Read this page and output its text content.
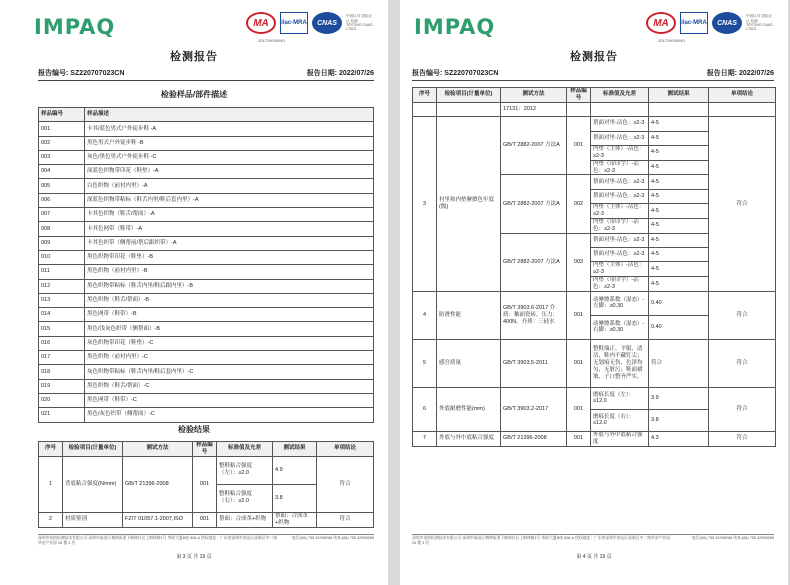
IMPAQ	MA	ilac-MRA	CNAS
中国认可 国际互认 检测 TESTING CNAS L7523
201719000040
检测报告
报告编号: SZ220707023CN	报告日期: 2022/07/26
检验样品/部件描述
样品编号	样品描述
001	卡其/蓝色男式户外徒步鞋 -A
002	黑色男式户外徒步鞋 -B
003	灰色/黑色男式户外徒步鞋 -C
004	深蓝色织物带印花（鞋垫）-A
005	白色织物（前衬内里）-A
006	深蓝色织物带粘标（鞋舌内里/鞋后套内里）-A
007	卡其色织物（鞋舌/帮面）-A
008	卡其色网带（鞋带）-A
009	卡其色织带（侧帮前/帮后跟织带）-A
010	黑色织物带印花（鞋垫）-B
011	黑色织物（前衬内里）-B
012	黑色织物带粘标（鞋舌内里/鞋后跟内里）-B
013	黑色织物（鞋舌/帮面）-B
014	黑色网带（鞋带）-B
015	黑色/浅灰色织带（侧帮面）-B
016	灰色织物带印花（鞋垫）-C
017	黑色织物（前衬内里）-C
018	灰色织物带粘标（鞋舌内里/鞋后套内里）-C
019	黑色织物（鞋舌/帮面）-C
020	黑色网带（鞋带）-C
021	黑色/灰色织带（侧帮面）-C
检验结果
序号	检验项目(计量单位)	测试方法	样品编号	标准值及允差	测试结果	单项结论
1	背底粘合强度(N/mm)	GB/T 21396-2008	001	整鞋粘合强度（左）：≥2.0	4.9	符合
				整鞋粘合强度（右）：≥2.0	3.8	
2	材质鉴别	FZ/T 01057.1-2007,ISO	001	帮面：合成革+织物	帮面：合成革+织物	符合
深圳市英柏检测技术有限公司 深圳市福田区梅林街道下梅林社区上梅林路1号 华联大厦B座 806-A 授权地址：广东省深圳市南山区高新区中二路华安产业园 26 楼 3 层
电话:(86) 755 32998288 传真:(86) 755 32998289
第 3 页 共 15 页
IMPAQ	MA	ilac-MRA	CNAS
中国认可 国际互认 检测 TESTING CNAS L7523
201719000040
检测报告
报告编号: SZ220707023CN	报告日期: 2022/07/26
序号	检验项目(计量单位)	测试方法	样品编号	标准值及允差	测试结果	单项结论
		17131：2012				
3	衬里和内垫摩擦色牢度(级)	GB/T 2882-2007 方法A	001	帮面对里-沾色：≥2-3	4-5	符合
				帮面对里-沾色：≥2-3	4-5	
				内垫（主体）-沾色：≥2-3	4-5	
				内垫（带印字）-沾色：≥2-3	4-5	
		GB/T 2882-2007 方法A	002	帮面对里-沾色：≥2-3	4-5	
				帮面对里-沾色：≥2-3	4-5	
				内垫（主体）-沾色：≥2-3	4-5	
				内垫（带印字）-沾色：≥2-3	4-5	
		GB/T 2882-2007 方法A	003	帮面对里-沾色：≥2-3	4-5	
				帮面对里-沾色：≥2-3	4-5	
				内垫（主体）-沾色：≥2-3	4-5	
				内垫（带印字）-沾色：≥2-3	4-5	
4	防滑性能	GB/T 3903.6-2017 介质：釉面瓷砖，压力：400N，介质：三硅水	001	动摩擦系数（湿态）-左脚：≥0.30	0.40	符合
				动摩擦系数（湿态）-右脚：≥0.30	0.40	
5	感官质量	GB/T 3903.5-2011	001	整鞋端正、平服、清洁，鞋内不藏钉尖；无划痕无伤、色泽均匀，无脏污；鞋面褶皱、子口整齐严实。	符合	符合
6	外底耐磨性能(mm)	GB/T 3903.2-2017	001	磨痕长度（左）：≤12.0	3.9	符合
				磨痕长度（右）：≤12.0	3.8	
7	外底与外中底粘合强度	GB/T 21396-2008	001	外底与外中底粘合强度	4.3	符合
深圳市英柏检测技术有限公司 深圳市福田区梅林街道下梅林社区上梅林路1号 华联大厦B座 806-A 授权地址：广东省深圳市南山区高新区中二路华安产业园 26 楼 3 层
电话:(86) 755 32998288 传真:(86) 755 32998289
第 4 页 共 15 页
